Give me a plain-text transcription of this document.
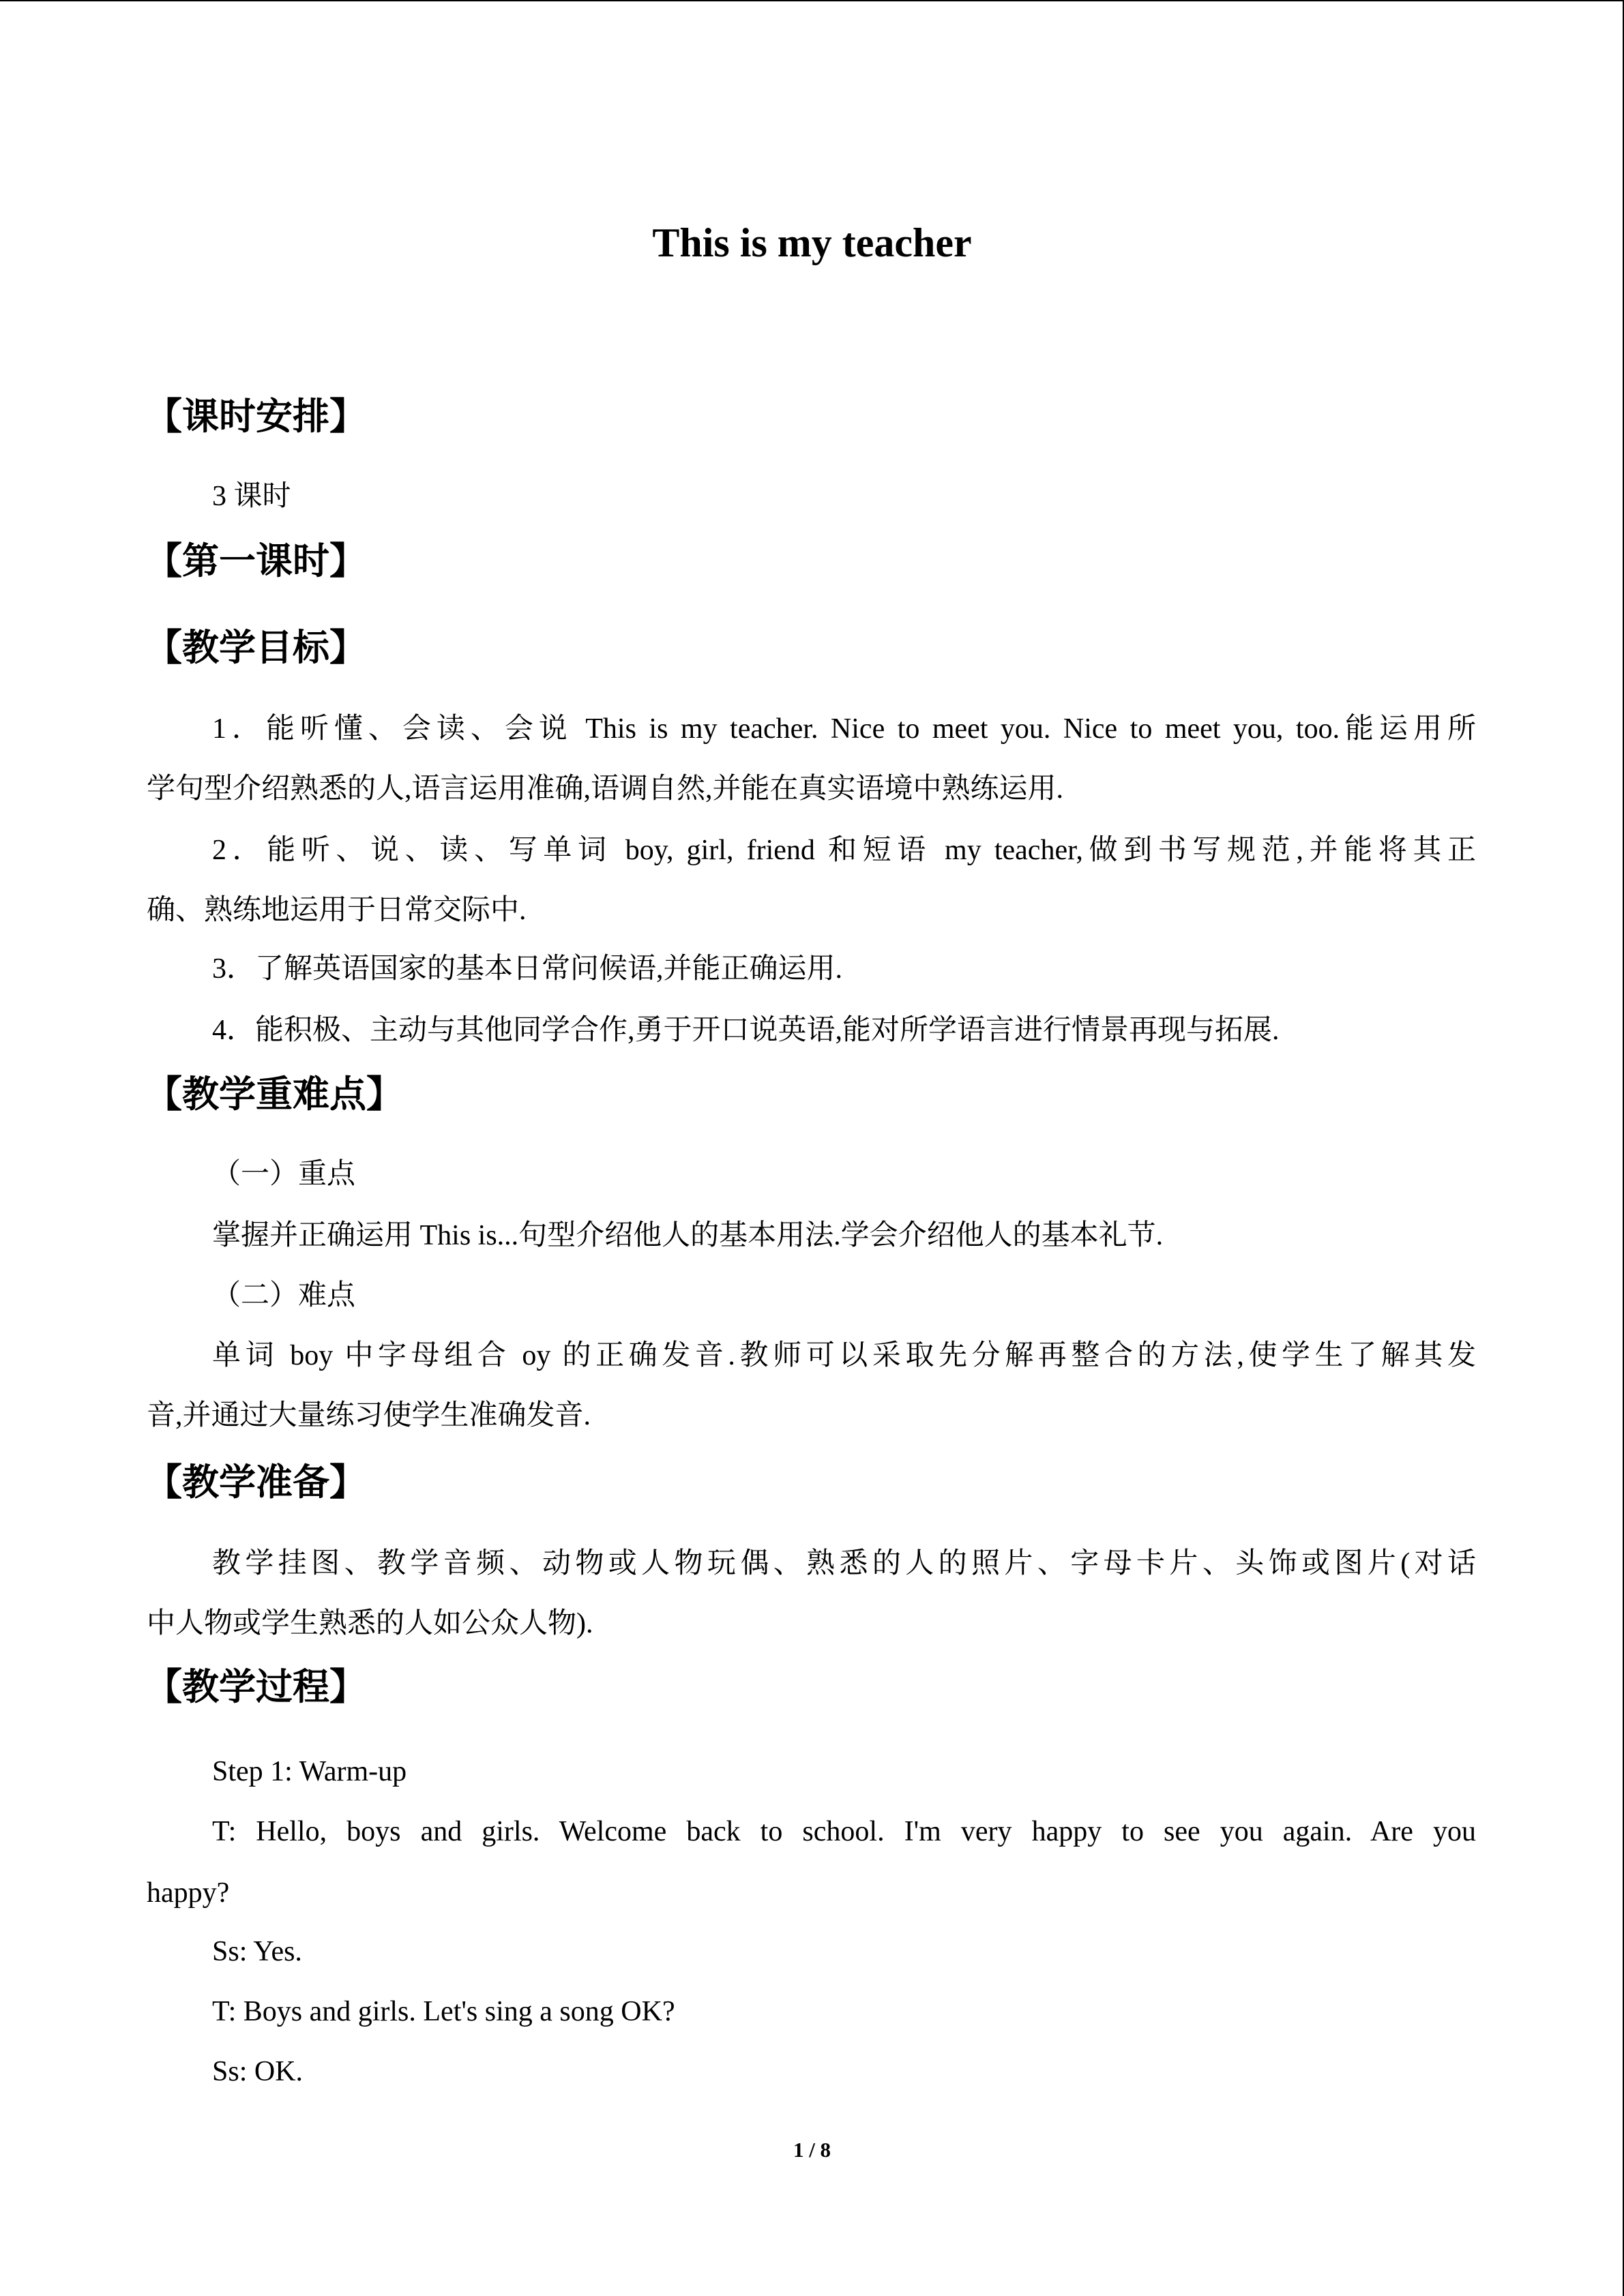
This is my teacher
【课时安排】
3 课时
【第一课时】
【教学目标】
1．能听懂、会读、会说 This is my teacher. Nice to meet you. Nice to meet you, too.能运用所
学句型介绍熟悉的人,语言运用准确,语调自然,并能在真实语境中熟练运用.
2．能听、说、读、写单词 boy, girl, friend 和短语 my teacher,做到书写规范,并能将其正
确、熟练地运用于日常交际中.
3．了解英语国家的基本日常问候语,并能正确运用.
4．能积极、主动与其他同学合作,勇于开口说英语,能对所学语言进行情景再现与拓展.
【教学重难点】
（一）重点
掌握并正确运用 This is...句型介绍他人的基本用法.学会介绍他人的基本礼节.
（二）难点
单词 boy 中字母组合 oy 的正确发音.教师可以采取先分解再整合的方法,使学生了解其发
音,并通过大量练习使学生准确发音.
【教学准备】
教学挂图、教学音频、动物或人物玩偶、熟悉的人的照片、字母卡片、头饰或图片(对话
中人物或学生熟悉的人如公众人物).
【教学过程】
Step 1: Warm-up
T: Hello, boys and girls. Welcome back to school. I'm very happy to see you again. Are you
happy?
Ss: Yes.
T: Boys and girls. Let's sing a song OK?
Ss: OK.
1 / 8
